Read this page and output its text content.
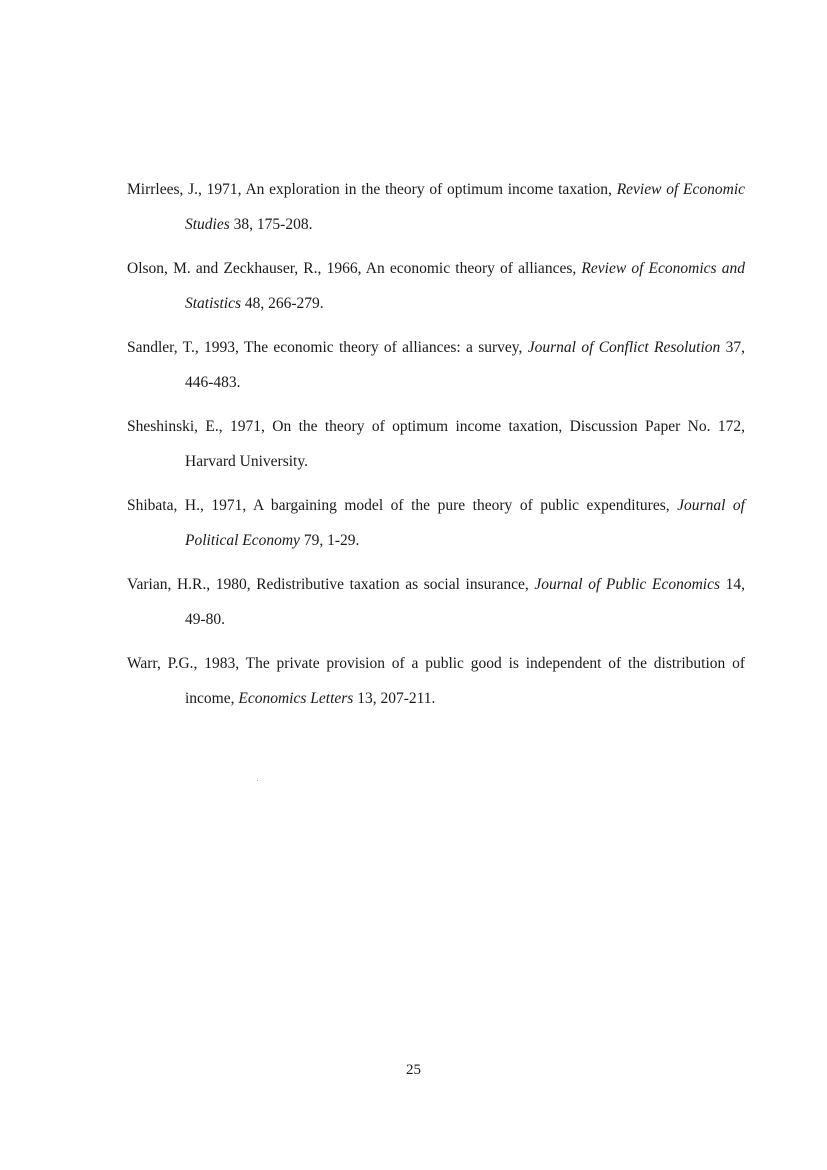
Mirrlees, J., 1971, An exploration in the theory of optimum income taxation, Review of Economic Studies 38, 175-208.

Olson, M. and Zeckhauser, R., 1966, An economic theory of alliances, Review of Economics and Statistics 48, 266-279.

Sandler, T., 1993, The economic theory of alliances: a survey, Journal of Conflict Resolution 37, 446-483.

Sheshinski, E., 1971, On the theory of optimum income taxation, Discussion Paper No. 172, Harvard University.

Shibata, H., 1971, A bargaining model of the pure theory of public expenditures, Journal of Political Economy 79, 1-29.

Varian, H.R., 1980, Redistributive taxation as social insurance, Journal of Public Economics 14, 49-80.

Warr, P.G., 1983, The private provision of a public good is independent of the distribution of income, Economics Letters 13, 207-211.

25
